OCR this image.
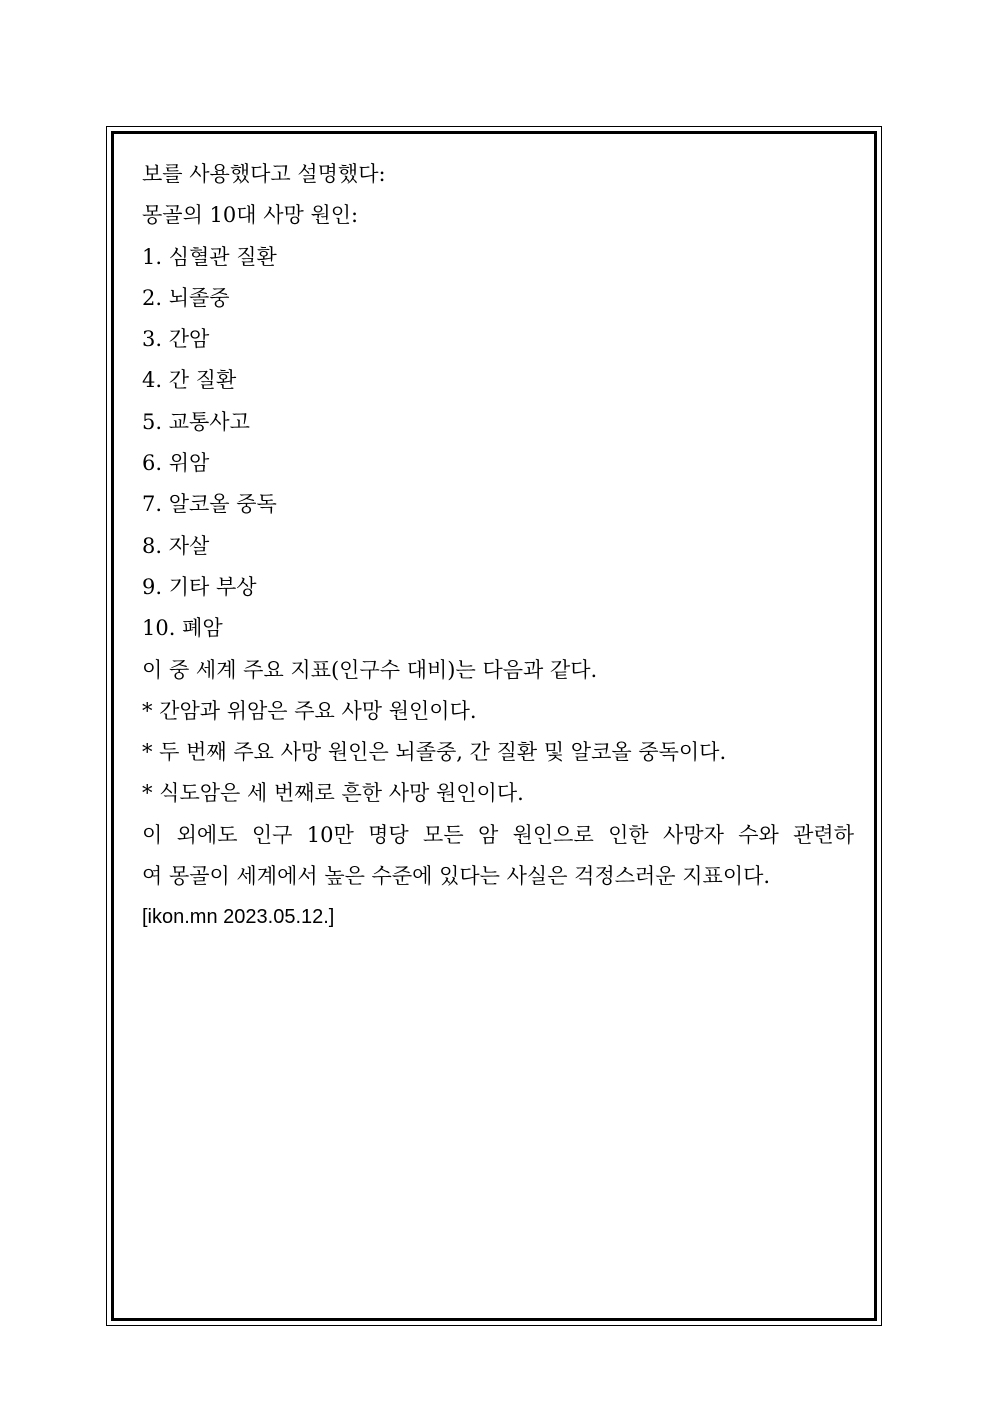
보를 사용했다고 설명했다:

몽골의 10대 사망 원인:

1. 심혈관 질환

2. 뇌졸중

3. 간암

4. 간 질환

5. 교통사고

6. 위암

7. 알코올 중독

8. 자살

9. 기타 부상

10. 폐암

이 중 세계 주요 지표(인구수 대비)는 다음과 같다.

* 간암과 위암은 주요 사망 원인이다.

* 두 번째 주요 사망 원인은 뇌졸중, 간 질환 및 알코올 중독이다.

* 식도암은 세 번째로 흔한 사망 원인이다.

이 외에도 인구 10만 명당 모든 암 원인으로 인한 사망자 수와 관련하

여 몽골이 세계에서 높은 수준에 있다는 사실은 걱정스러운 지표이다.

[ikon.mn 2023.05.12.]
